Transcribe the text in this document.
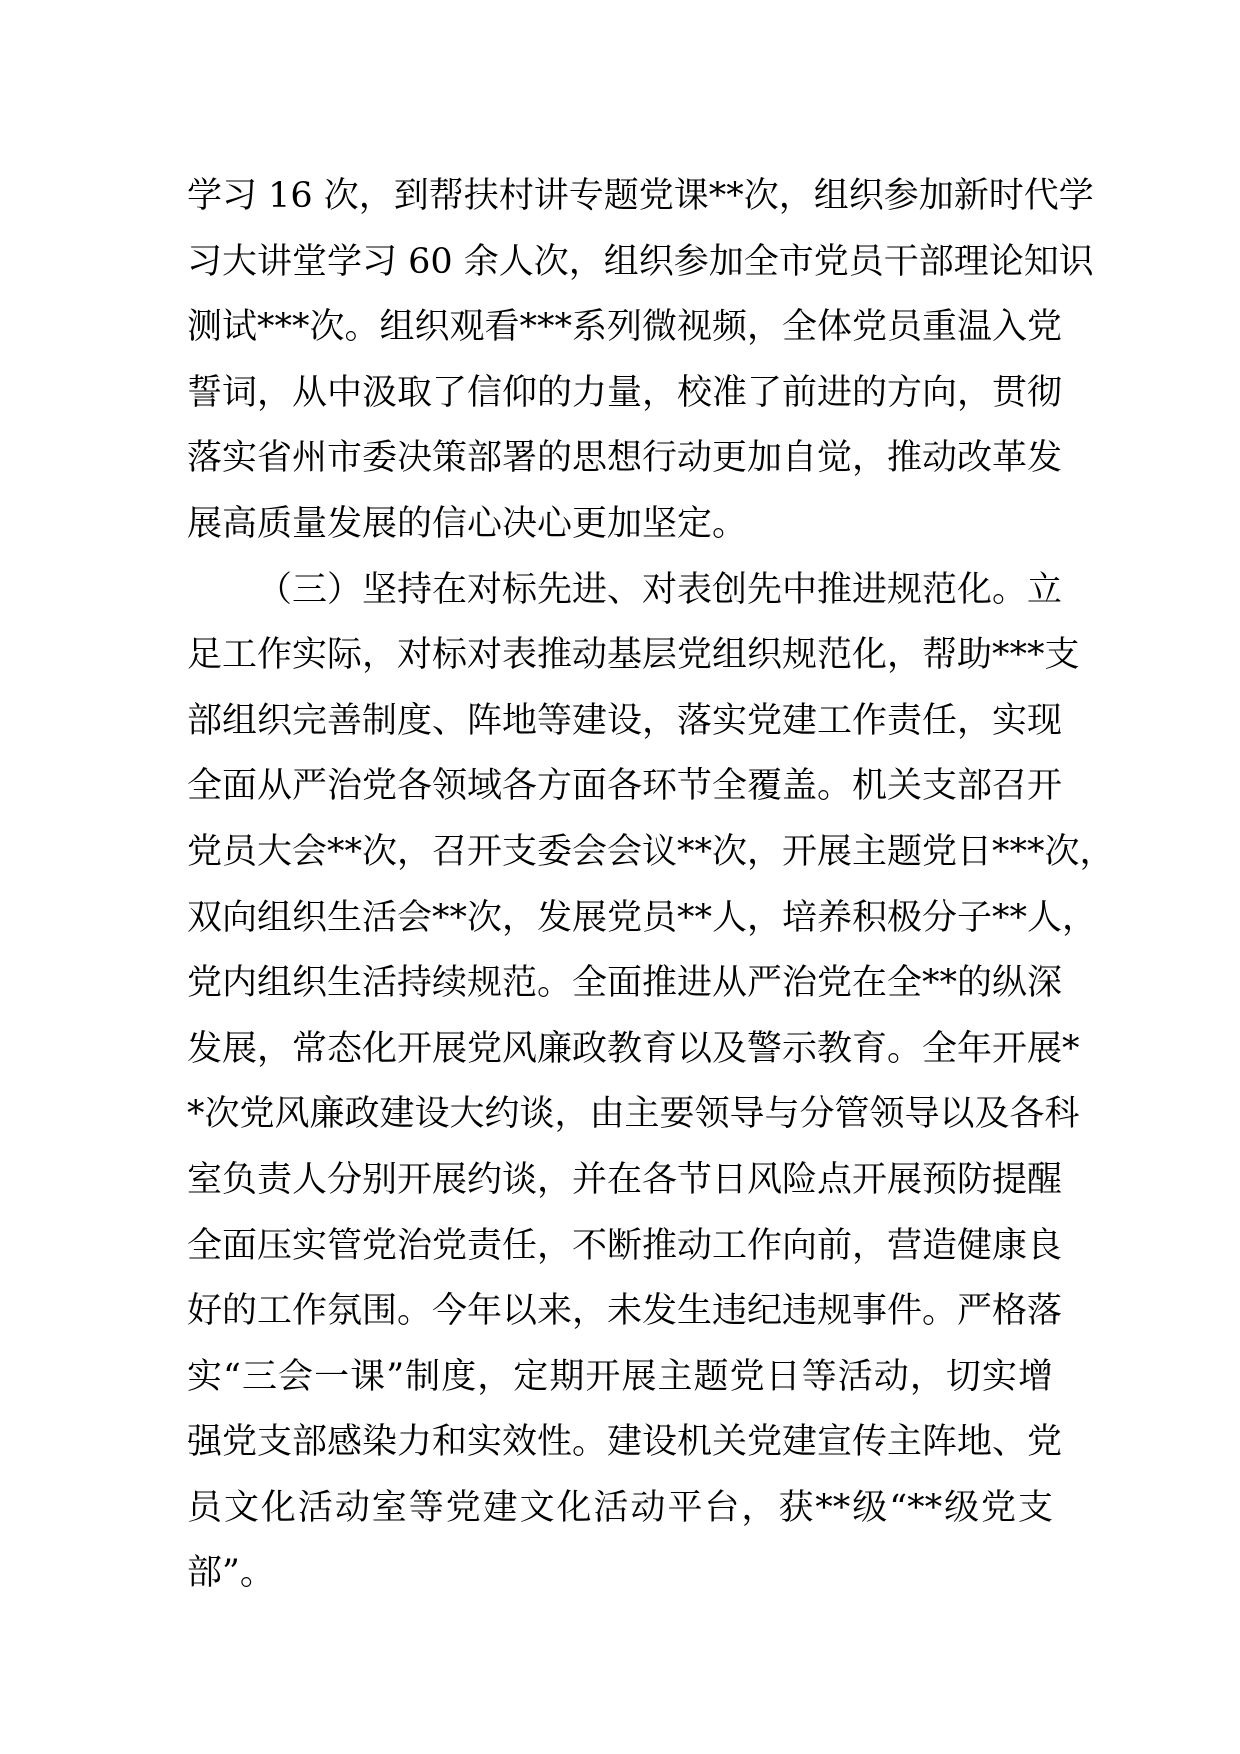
学习 16 次，到帮扶村讲专题党课**次，组织参加新时代学
习大讲堂学习 60 余人次，组织参加全市党员干部理论知识
测试***次。组织观看***系列微视频，全体党员重温入党
誓词，从中汲取了信仰的力量，校准了前进的方向，贯彻
落实省州市委决策部署的思想行动更加自觉，推动改革发
展高质量发展的信心决心更加坚定。
（三）坚持在对标先进、对表创先中推进规范化。立
足工作实际，对标对表推动基层党组织规范化，帮助***支
部组织完善制度、阵地等建设，落实党建工作责任，实现
全面从严治党各领域各方面各环节全覆盖。机关支部召开
党员大会**次，召开支委会会议**次，开展主题党日***次，
双向组织生活会**次，发展党员**人，培养积极分子**人，
党内组织生活持续规范。全面推进从严治党在全**的纵深
发展，常态化开展党风廉政教育以及警示教育。全年开展*
*次党风廉政建设大约谈，由主要领导与分管领导以及各科
室负责人分别开展约谈，并在各节日风险点开展预防提醒
全面压实管党治党责任，不断推动工作向前，营造健康良
好的工作氛围。今年以来，未发生违纪违规事件。严格落
实“三会一课”制度，定期开展主题党日等活动，切实增
强党支部感染力和实效性。建设机关党建宣传主阵地、党
员文化活动室等党建文化活动平台，获**级“**级党支
部”。
